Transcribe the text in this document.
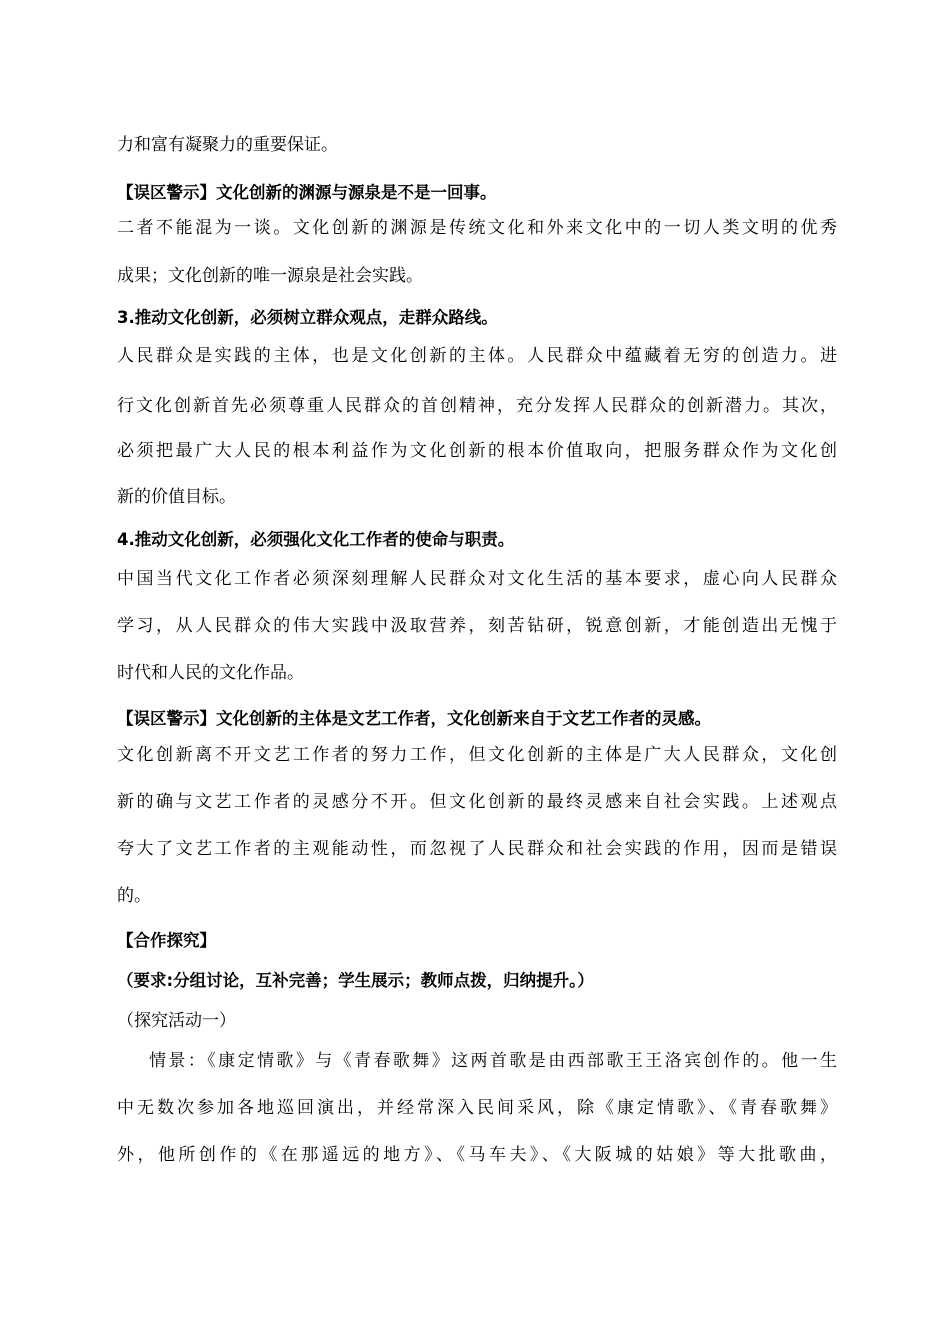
力和富有凝聚力的重要保证。
【误区警示】文化创新的渊源与源泉是不是一回事。
二者不能混为一谈。文化创新的渊源是传统文化和外来文化中的一切人类文明的优秀
成果；文化创新的唯一源泉是社会实践。
3.推动文化创新，必须树立群众观点，走群众路线。
人民群众是实践的主体，也是文化创新的主体。人民群众中蕴藏着无穷的创造力。进
行文化创新首先必须尊重人民群众的首创精神，充分发挥人民群众的创新潜力。其次，
必须把最广大人民的根本利益作为文化创新的根本价值取向，把服务群众作为文化创
新的价值目标。
4.推动文化创新，必须强化文化工作者的使命与职责。
中国当代文化工作者必须深刻理解人民群众对文化生活的基本要求，虚心向人民群众
学习，从人民群众的伟大实践中汲取营养，刻苦钻研，锐意创新，才能创造出无愧于
时代和人民的文化作品。
【误区警示】文化创新的主体是文艺工作者，文化创新来自于文艺工作者的灵感。
文化创新离不开文艺工作者的努力工作，但文化创新的主体是广大人民群众，文化创
新的确与文艺工作者的灵感分不开。但文化创新的最终灵感来自社会实践。上述观点
夸大了文艺工作者的主观能动性，而忽视了人民群众和社会实践的作用，因而是错误
的。
【合作探究】
（要求:分组讨论，互补完善；学生展示；教师点拨，归纳提升。）
（探究活动一）
情景：《康定情歌》与《青春歌舞》这两首歌是由西部歌王王洛宾创作的。他一生
中无数次参加各地巡回演出，并经常深入民间采风，除《康定情歌》、《青春歌舞》
外，他所创作的《在那遥远的地方》、《马车夫》、《大阪城的姑娘》等大批歌曲，
